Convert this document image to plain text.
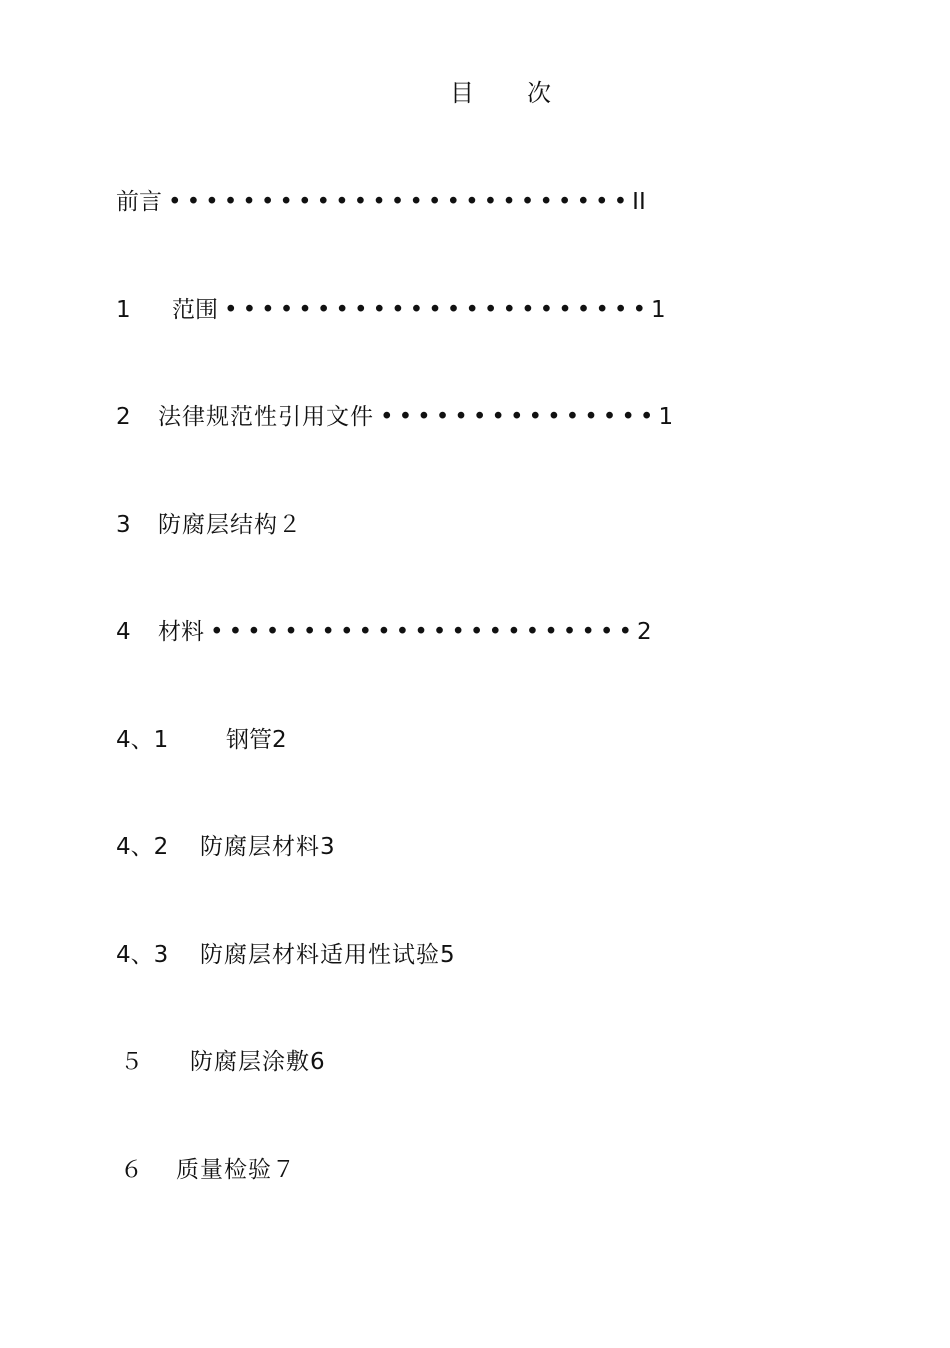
目 次
前言 •••••••••••••••••••••••••II
1 范围 •••••••••••••••••••••••1
2 法律规范性引用文件 •••••••••••••••1
3 防腐层结构２
4 材料 •••••••••••••••••••••••2
4、1	钢管2
4、2 防腐层材料3
4、3 防腐层材料适用性试验5
５ 防腐层涂敷6
６ 质量检验７
